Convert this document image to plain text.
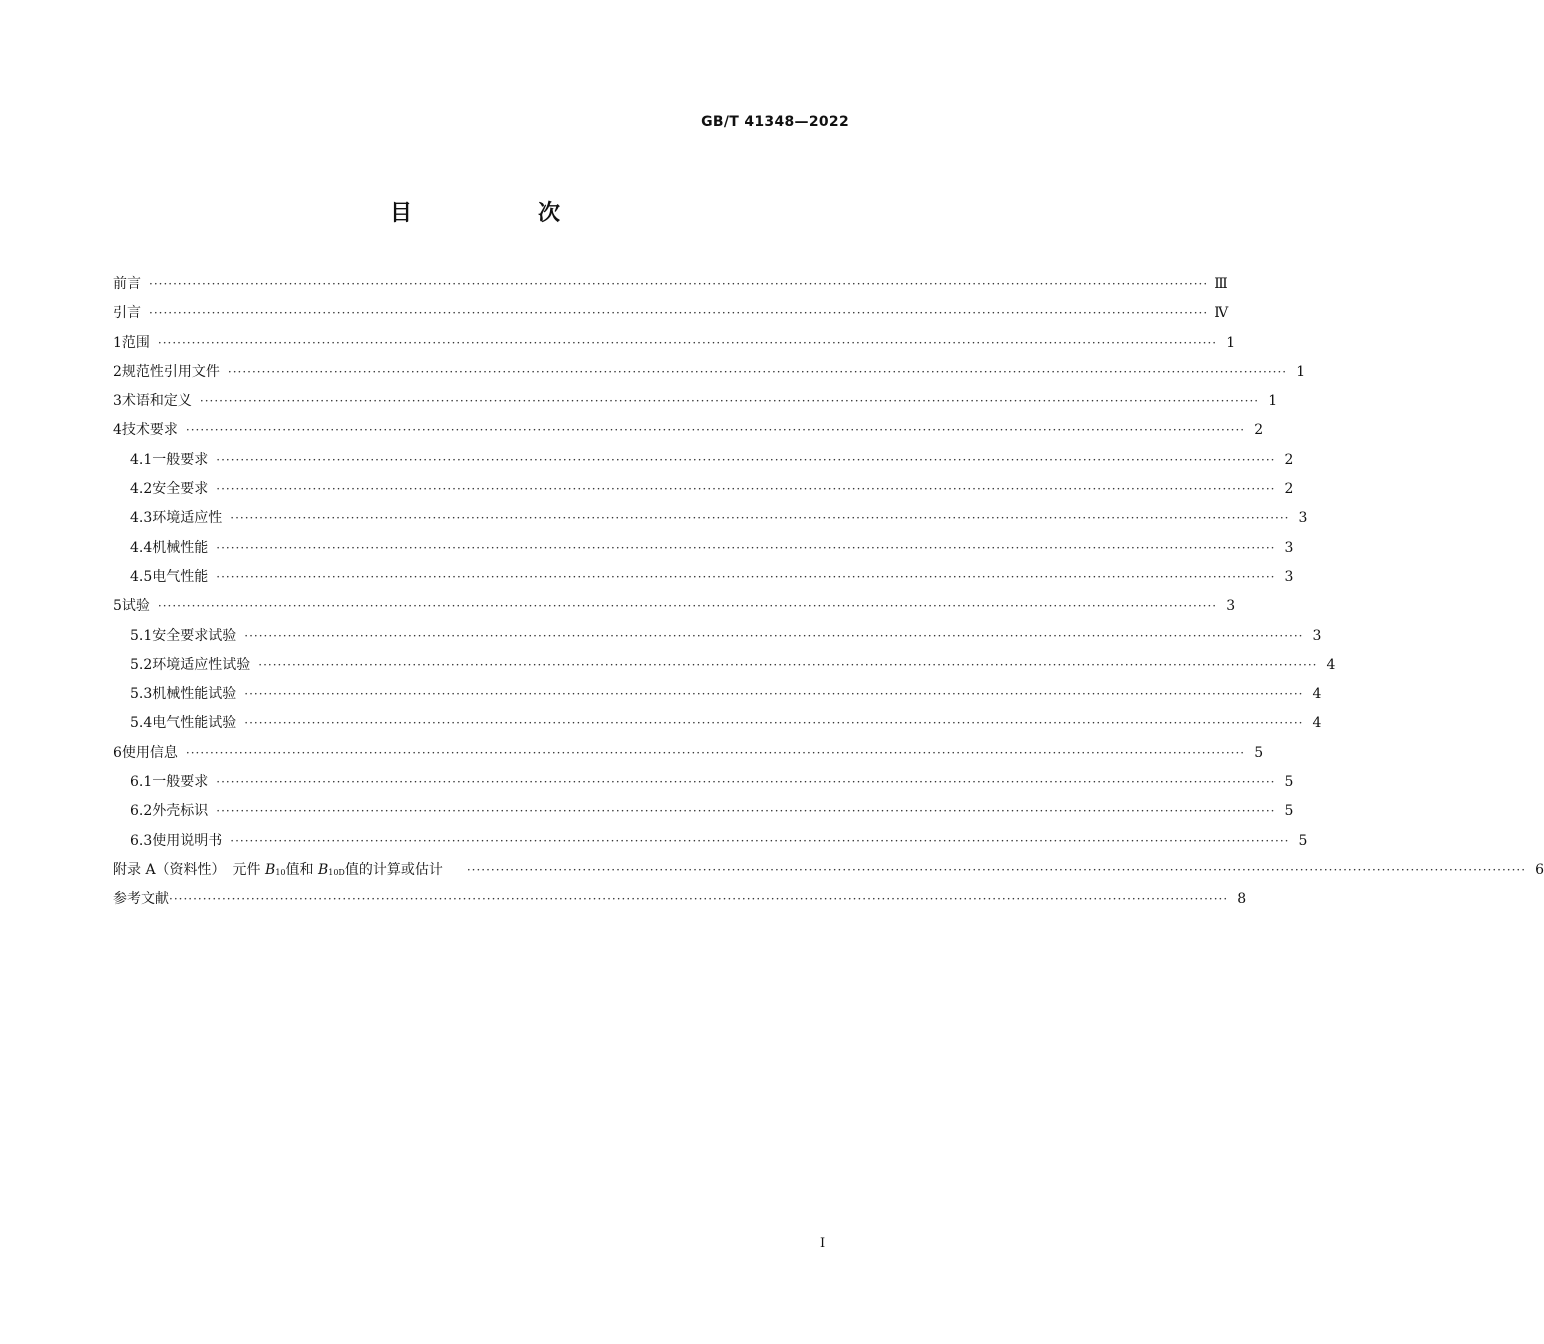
GB/T 41348—2022
目　次
前言 ···························································································································································································································· Ⅲ
引言 ···························································································································································································································· Ⅳ
1 范围 ···························································································································································································································· 1
2 规范性引用文件 ···························································································································································································································· 1
3 术语和定义 ···························································································································································································································· 1
4 技术要求 ···························································································································································································································· 2
4.1 一般要求 ···························································································································································································································· 2
4.2 安全要求 ···························································································································································································································· 2
4.3 环境适应性 ···························································································································································································································· 3
4.4 机械性能 ···························································································································································································································· 3
4.5 电气性能 ···························································································································································································································· 3
5 试验 ···························································································································································································································· 3
5.1 安全要求试验 ···························································································································································································································· 3
5.2 环境适应性试验 ···························································································································································································································· 4
5.3 机械性能试验 ···························································································································································································································· 4
5.4 电气性能试验 ···························································································································································································································· 4
6 使用信息 ···························································································································································································································· 5
6.1 一般要求 ···························································································································································································································· 5
6.2 外壳标识 ···························································································································································································································· 5
6.3 使用说明书 ···························································································································································································································· 5
附录 A（资料性）　元件 $B_{10}$值和 $B_{10D}$值的计算或估计 ···························································································································································································································· 6
参考文献 ···························································································································································································································· 8
I
